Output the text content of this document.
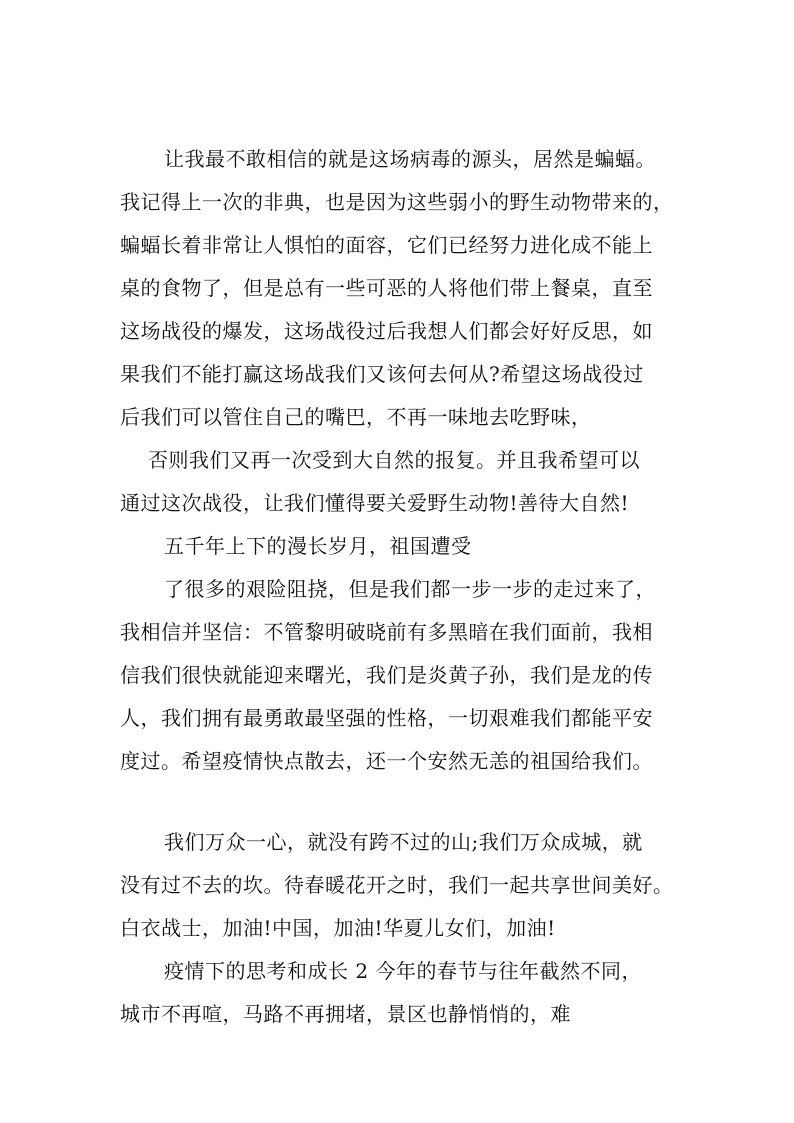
让我最不敢相信的就是这场病毒的源头，居然是蝙蝠。
我记得上一次的非典，也是因为这些弱小的野生动物带来的，
蝙蝠长着非常让人惧怕的面容，它们已经努力进化成不能上
桌的食物了，但是总有一些可恶的人将他们带上餐桌，直至
这场战役的爆发，这场战役过后我想人们都会好好反思，如
果我们不能打赢这场战我们又该何去何从?希望这场战役过
后我们可以管住自己的嘴巴，不再一味地去吃野味，
否则我们又再一次受到大自然的报复。并且我希望可以
通过这次战役，让我们懂得要关爱野生动物!善待大自然!
五千年上下的漫长岁月，祖国遭受
了很多的艰险阻挠，但是我们都一步一步的走过来了，
我相信并坚信：不管黎明破晓前有多黑暗在我们面前，我相
信我们很快就能迎来曙光，我们是炎黄子孙，我们是龙的传
人，我们拥有最勇敢最坚强的性格，一切艰难我们都能平安
度过。希望疫情快点散去，还一个安然无恙的祖国给我们。
我们万众一心，就没有跨不过的山;我们万众成城，就
没有过不去的坎。待春暖花开之时，我们一起共享世间美好。
白衣战士，加油!中国，加油!华夏儿女们，加油!
疫情下的思考和成长 2 今年的春节与往年截然不同，
城市不再喧，马路不再拥堵，景区也静悄悄的，难
